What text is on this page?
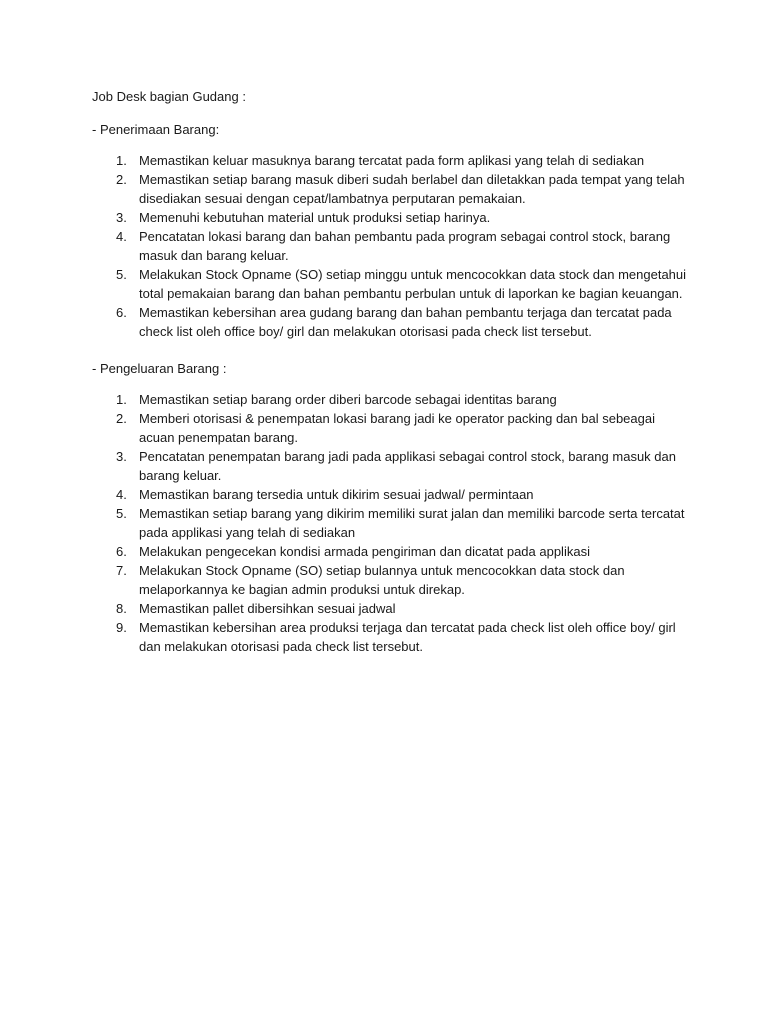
Job Desk bagian Gudang :

- Penerimaan Barang:

1. Memastikan keluar masuknya barang tercatat pada form aplikasi yang telah di sediakan
2. Memastikan setiap barang masuk diberi sudah berlabel dan diletakkan pada tempat yang telah disediakan sesuai dengan cepat/lambatnya perputaran pemakaian.
3. Memenuhi kebutuhan material untuk produksi setiap harinya.
4. Pencatatan lokasi barang dan bahan pembantu pada program sebagai control stock, barang masuk dan barang keluar.
5. Melakukan Stock Opname (SO) setiap minggu untuk mencocokkan data stock dan mengetahui total pemakaian barang dan bahan pembantu perbulan untuk di laporkan ke bagian keuangan.
6. Memastikan kebersihan area gudang barang dan bahan pembantu terjaga dan tercatat pada check list oleh office boy/ girl dan melakukan otorisasi pada check list tersebut.

- Pengeluaran Barang :

1. Memastikan setiap barang order diberi barcode sebagai identitas barang
2. Memberi otorisasi & penempatan lokasi barang jadi ke operator packing dan bal sebeagai acuan penempatan barang.
3. Pencatatan penempatan barang jadi pada applikasi sebagai control stock, barang masuk dan barang keluar.
4. Memastikan barang tersedia untuk dikirim sesuai jadwal/ permintaan
5. Memastikan setiap barang yang dikirim memiliki surat jalan dan memiliki barcode serta tercatat pada applikasi yang telah di sediakan
6. Melakukan pengecekan kondisi armada pengiriman dan dicatat pada applikasi
7. Melakukan Stock Opname (SO) setiap bulannya untuk mencocokkan data stock dan melaporkannya ke bagian admin produksi untuk direkap.
8. Memastikan pallet dibersihkan sesuai jadwal
9. Memastikan kebersihan area produksi terjaga dan tercatat pada check list oleh office boy/ girl dan melakukan otorisasi pada check list tersebut.
